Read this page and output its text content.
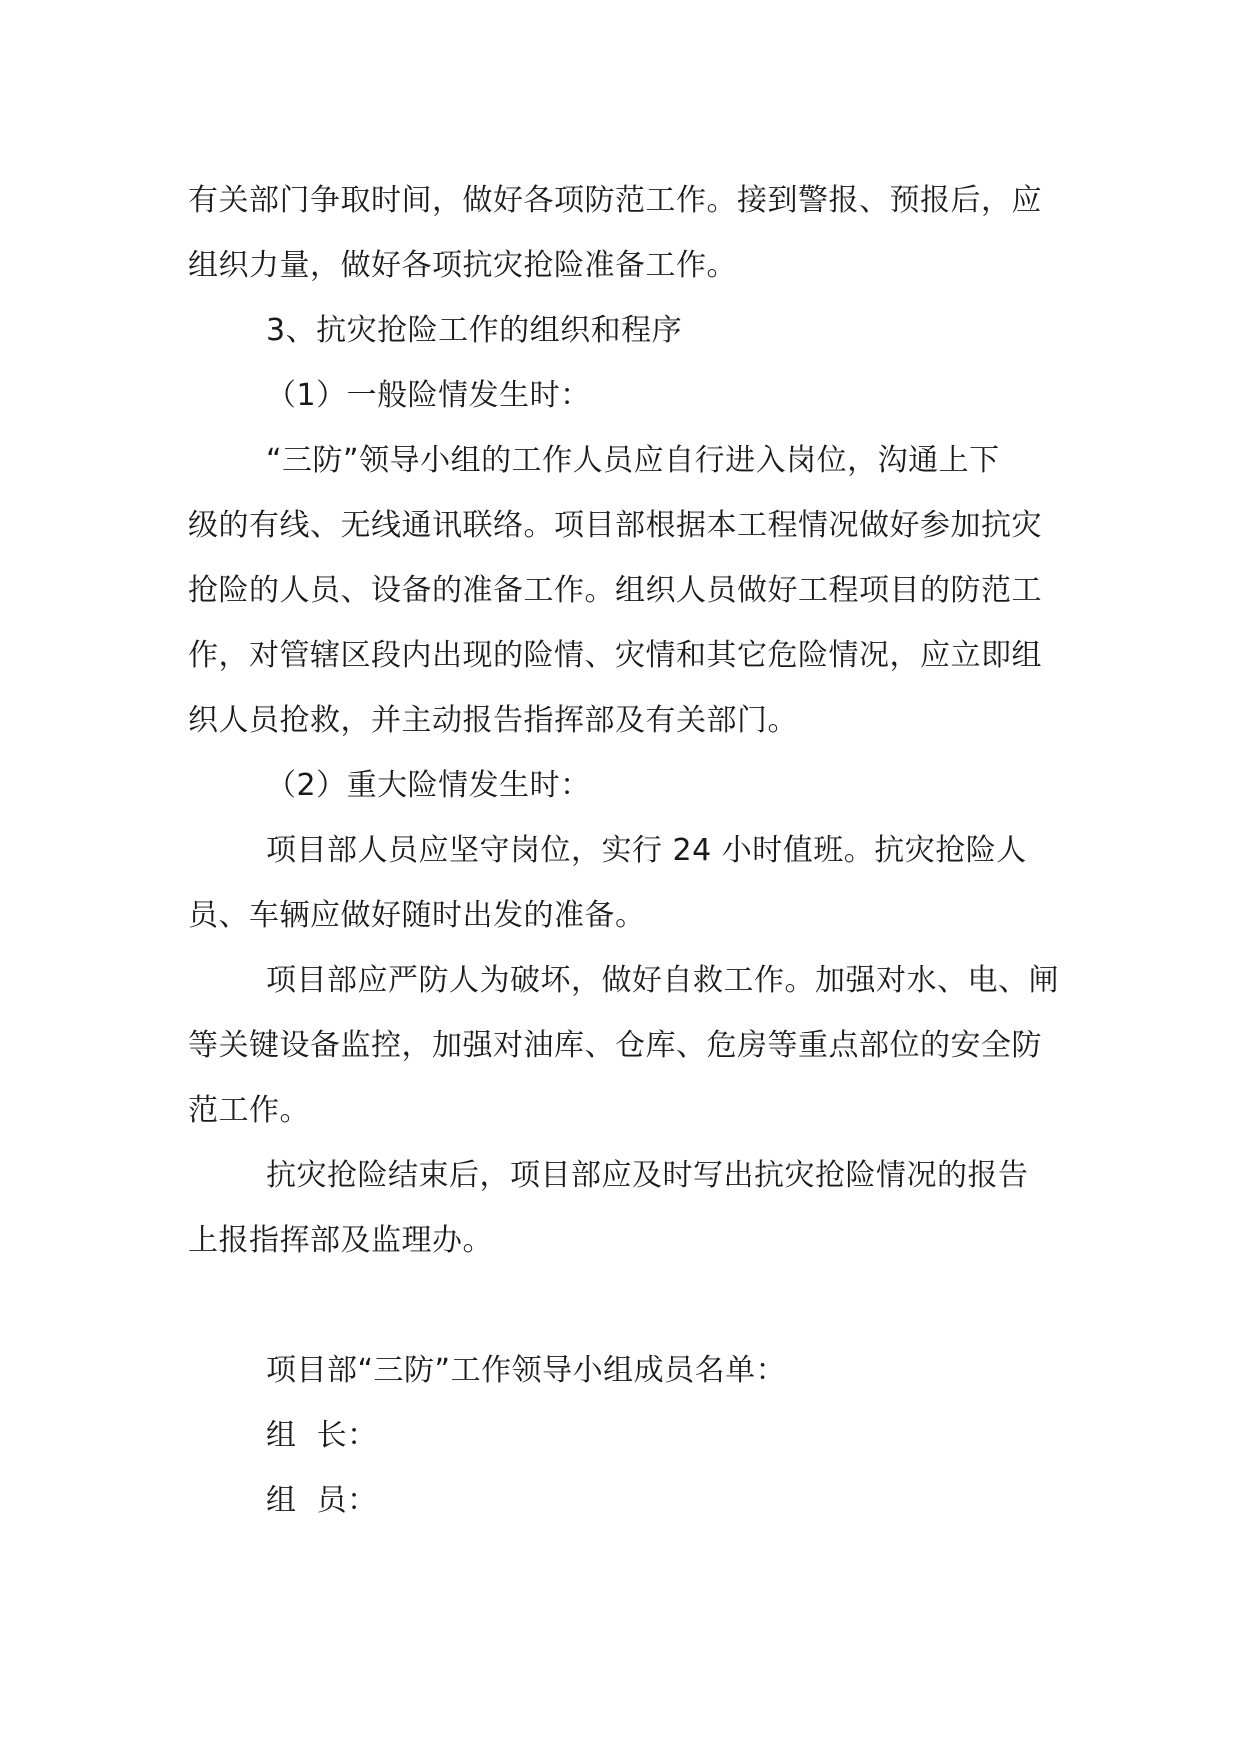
有关部门争取时间，做好各项防范工作。接到警报、预报后，应
组织力量，做好各项抗灾抢险准备工作。
3、抗灾抢险工作的组织和程序
（1）一般险情发生时：
“三防”领导小组的工作人员应自行进入岗位，沟通上下
级的有线、无线通讯联络。项目部根据本工程情况做好参加抗灾
抢险的人员、设备的准备工作。组织人员做好工程项目的防范工
作，对管辖区段内出现的险情、灾情和其它危险情况，应立即组
织人员抢救，并主动报告指挥部及有关部门。
（2）重大险情发生时：
项目部人员应坚守岗位，实行 24 小时值班。抗灾抢险人
员、车辆应做好随时出发的准备。
项目部应严防人为破坏，做好自救工作。加强对水、电、闸
等关键设备监控，加强对油库、仓库、危房等重点部位的安全防
范工作。
抗灾抢险结束后，项目部应及时写出抗灾抢险情况的报告
上报指挥部及监理办。
项目部“三防”工作领导小组成员名单：
组  长：
组  员：
